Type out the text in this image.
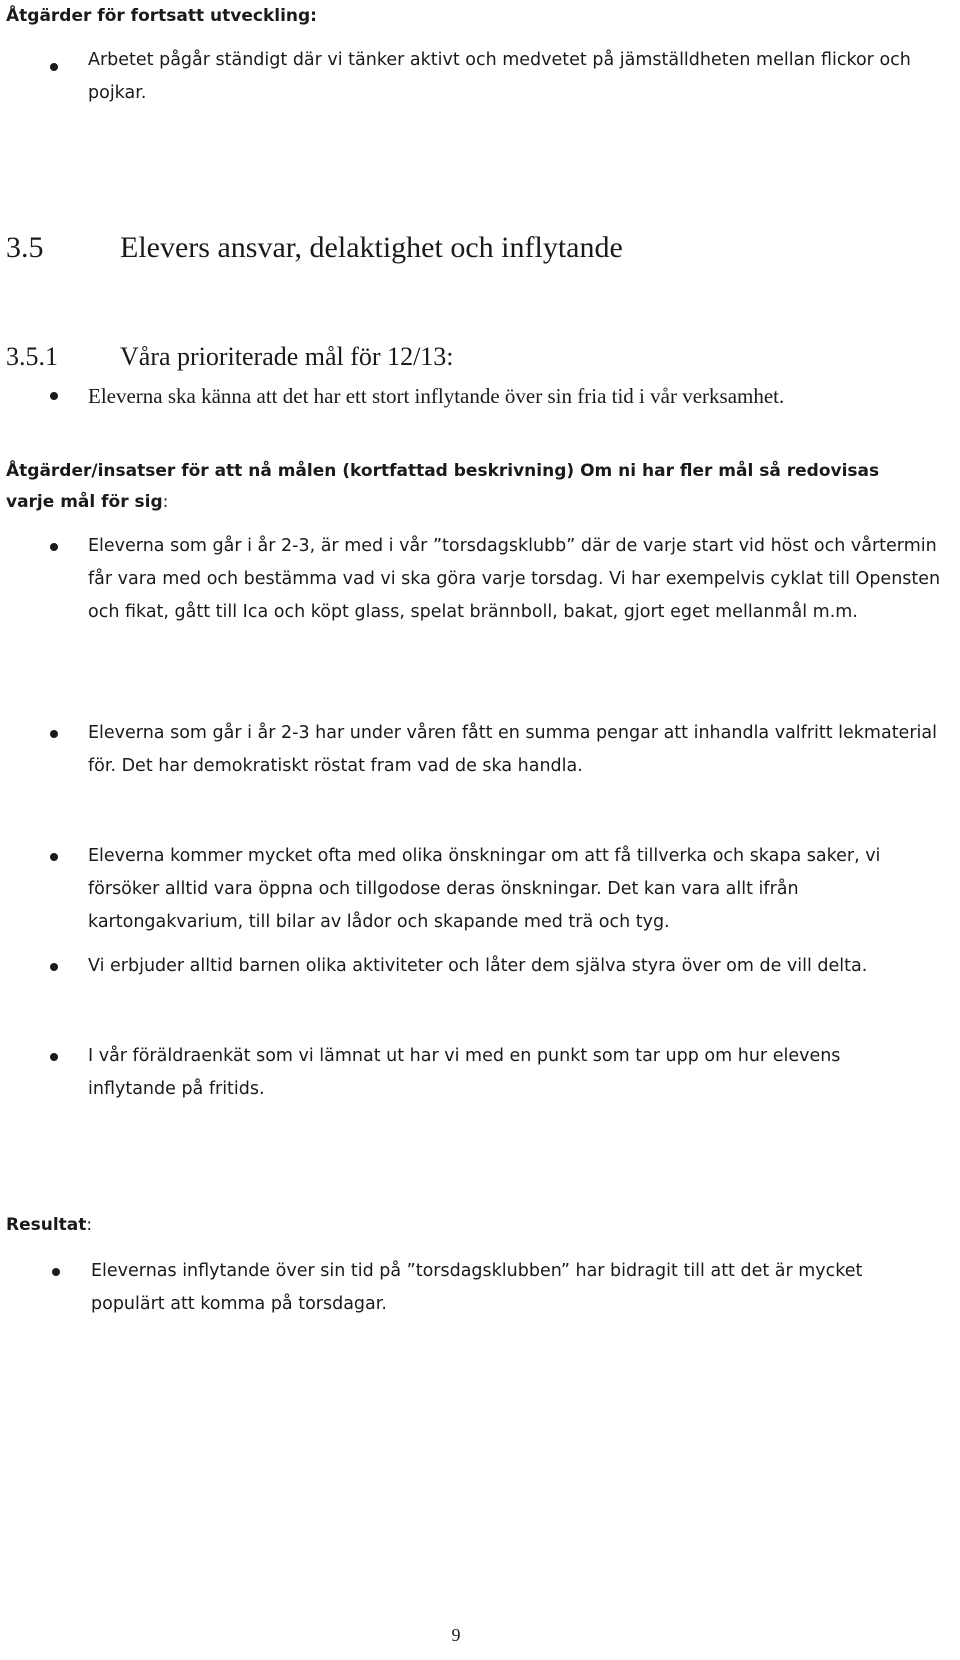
Åtgärder för fortsatt utveckling:
Arbetet pågår ständigt där vi tänker aktivt och medvetet på jämställdheten mellan flickor och pojkar.
3.5	Elevers ansvar, delaktighet och inflytande
3.5.1 Våra prioriterade mål för 12/13:
Eleverna ska känna att det har ett stort inflytande över sin fria tid i vår verksamhet.
Åtgärder/insatser för att nå målen (kortfattad beskrivning) Om ni har fler mål så redovisas varje mål för sig:
Eleverna som går i år 2-3, är med i vår ”torsdagsklubb” där de varje start vid höst och vårtermin får vara med och bestämma vad vi ska göra varje torsdag. Vi har exempelvis cyklat till Opensten och fikat, gått till Ica och köpt glass, spelat brännboll, bakat, gjort eget mellanmål m.m.
Eleverna som går i år 2-3 har under våren fått en summa pengar att inhandla valfritt lekmaterial för. Det har demokratiskt röstat fram vad de ska handla.
Eleverna kommer mycket ofta med olika önskningar om att få tillverka och skapa saker, vi försöker alltid vara öppna och tillgodose deras önskningar. Det kan vara allt ifrån kartongakvarium, till bilar av lådor och skapande med trä och tyg.
Vi erbjuder alltid barnen olika aktiviteter och låter dem själva styra över om de vill delta.
I vår föräldraenkät som vi lämnat ut har vi med en punkt som tar upp om hur elevens inflytande på fritids.
Resultat:
Elevernas inflytande över sin tid på ”torsdagsklubben” har bidragit till att det är mycket populärt att komma på torsdagar.
9
